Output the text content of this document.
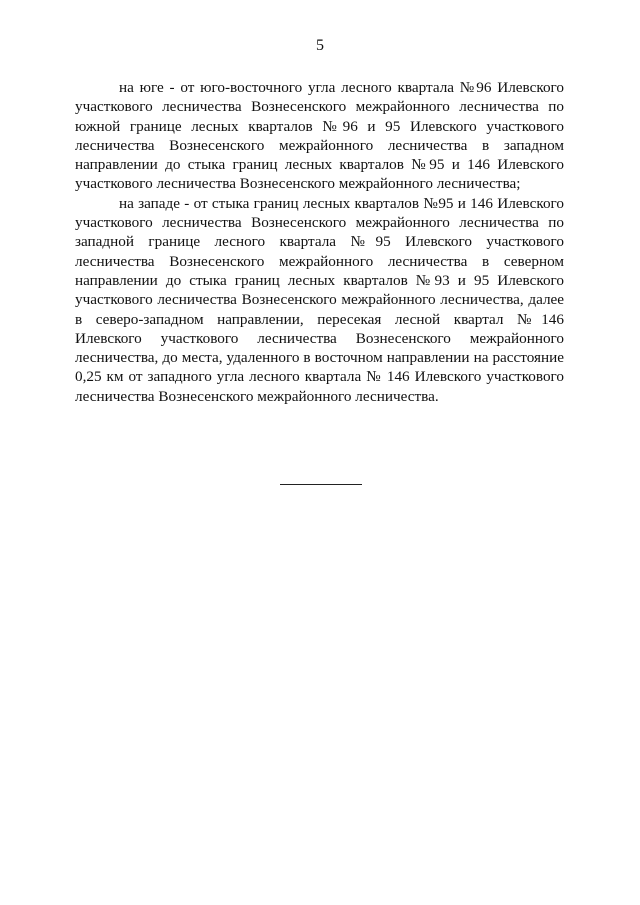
5

на юге - от юго-восточного угла лесного квартала №96 Илевского участкового лесничества Вознесенского межрайонного лесничества по южной границе лесных кварталов №96 и 95 Илевского участкового лесничества Вознесенского межрайонного лесничества в западном направлении до стыка границ лесных кварталов №95 и 146 Илевского участкового лесничества Вознесенского межрайонного лесничества;

на западе - от стыка границ лесных кварталов №95 и 146 Илевского участкового лесничества Вознесенского межрайонного лесничества по западной границе лесного квартала №95 Илевского участкового лесничества Вознесенского межрайонного лесничества в северном направлении до стыка границ лесных кварталов №93 и 95 Илевского участкового лесничества Вознесенского межрайонного лесничества, далее в северо-западном направлении, пересекая лесной квартал №146 Илевского участкового лесничества Вознесенского межрайонного лесничества, до места, удаленного в восточном направлении на расстояние 0,25 км от западного угла лесного квартала № 146 Илевского участкового лесничества Вознесенского межрайонного лесничества.
